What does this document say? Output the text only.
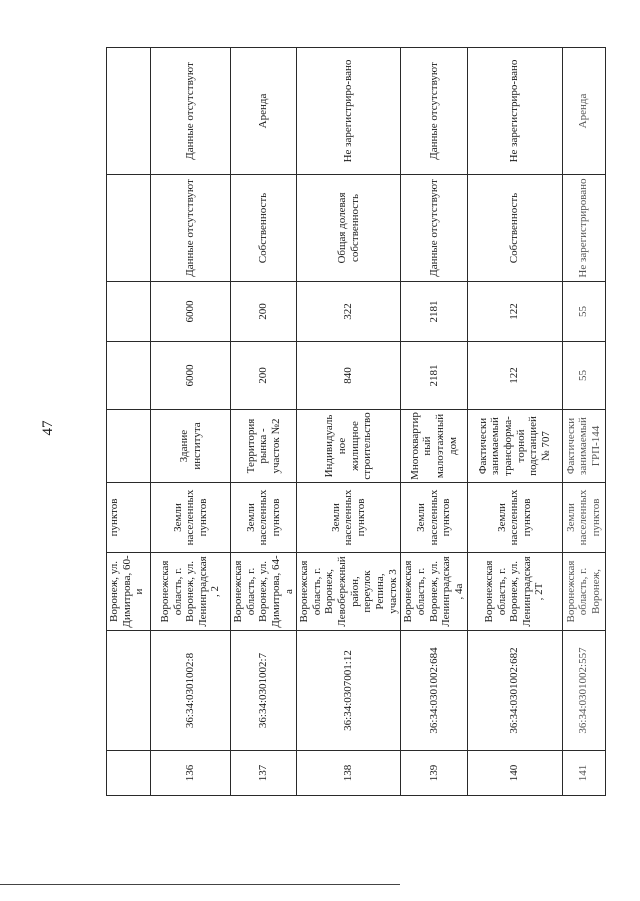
47
		Воронеж, ул. Димитрова, 60-и	пунктов					
136	36:34:0301002:8	Воронежская область, г. Воронеж, ул. Ленинградская, 2	Земли населенных пунктов	Здание института	6000	6000	Данные отсутствуют	Данные отсутствуют
137	36:34:0301002:7	Воронежская область, г. Воронеж, ул. Димитрова, 64-а	Земли населенных пунктов	Территория рынка - участок №2	200	200	Собственность	Аренда
138	36:34:0307001:12	Воронежская область, г. Воронеж, Левобережный район, переулок Репина, участок 3	Земли населенных пунктов	Индивидуальное жилищное строительство	840	322	Общая долевая собственность	Не зарегистриро-вано
139	36:34:0301002:684	Воронежская область, г. Воронеж, ул. Ленинградская, 4а	Земли населенных пунктов	Многоквартирный малоэтажный дом	2181	2181	Данные отсутствуют	Данные отсутствуют
140	36:34:0301002:682	Воронежская область, г. Воронеж, ул. Ленинградская, 2Т	Земли населенных пунктов	Фактически занимаемый трансформа-торной подстанцией № 707	122	122	Собственность	Не зарегистриро-вано
141	36:34:0301002:557	Воронежская область, г. Воронеж,	Земли населенных пунктов	Фактически занимаемый ГРП-144	55	55	Не зарегистрировано	Аренда
